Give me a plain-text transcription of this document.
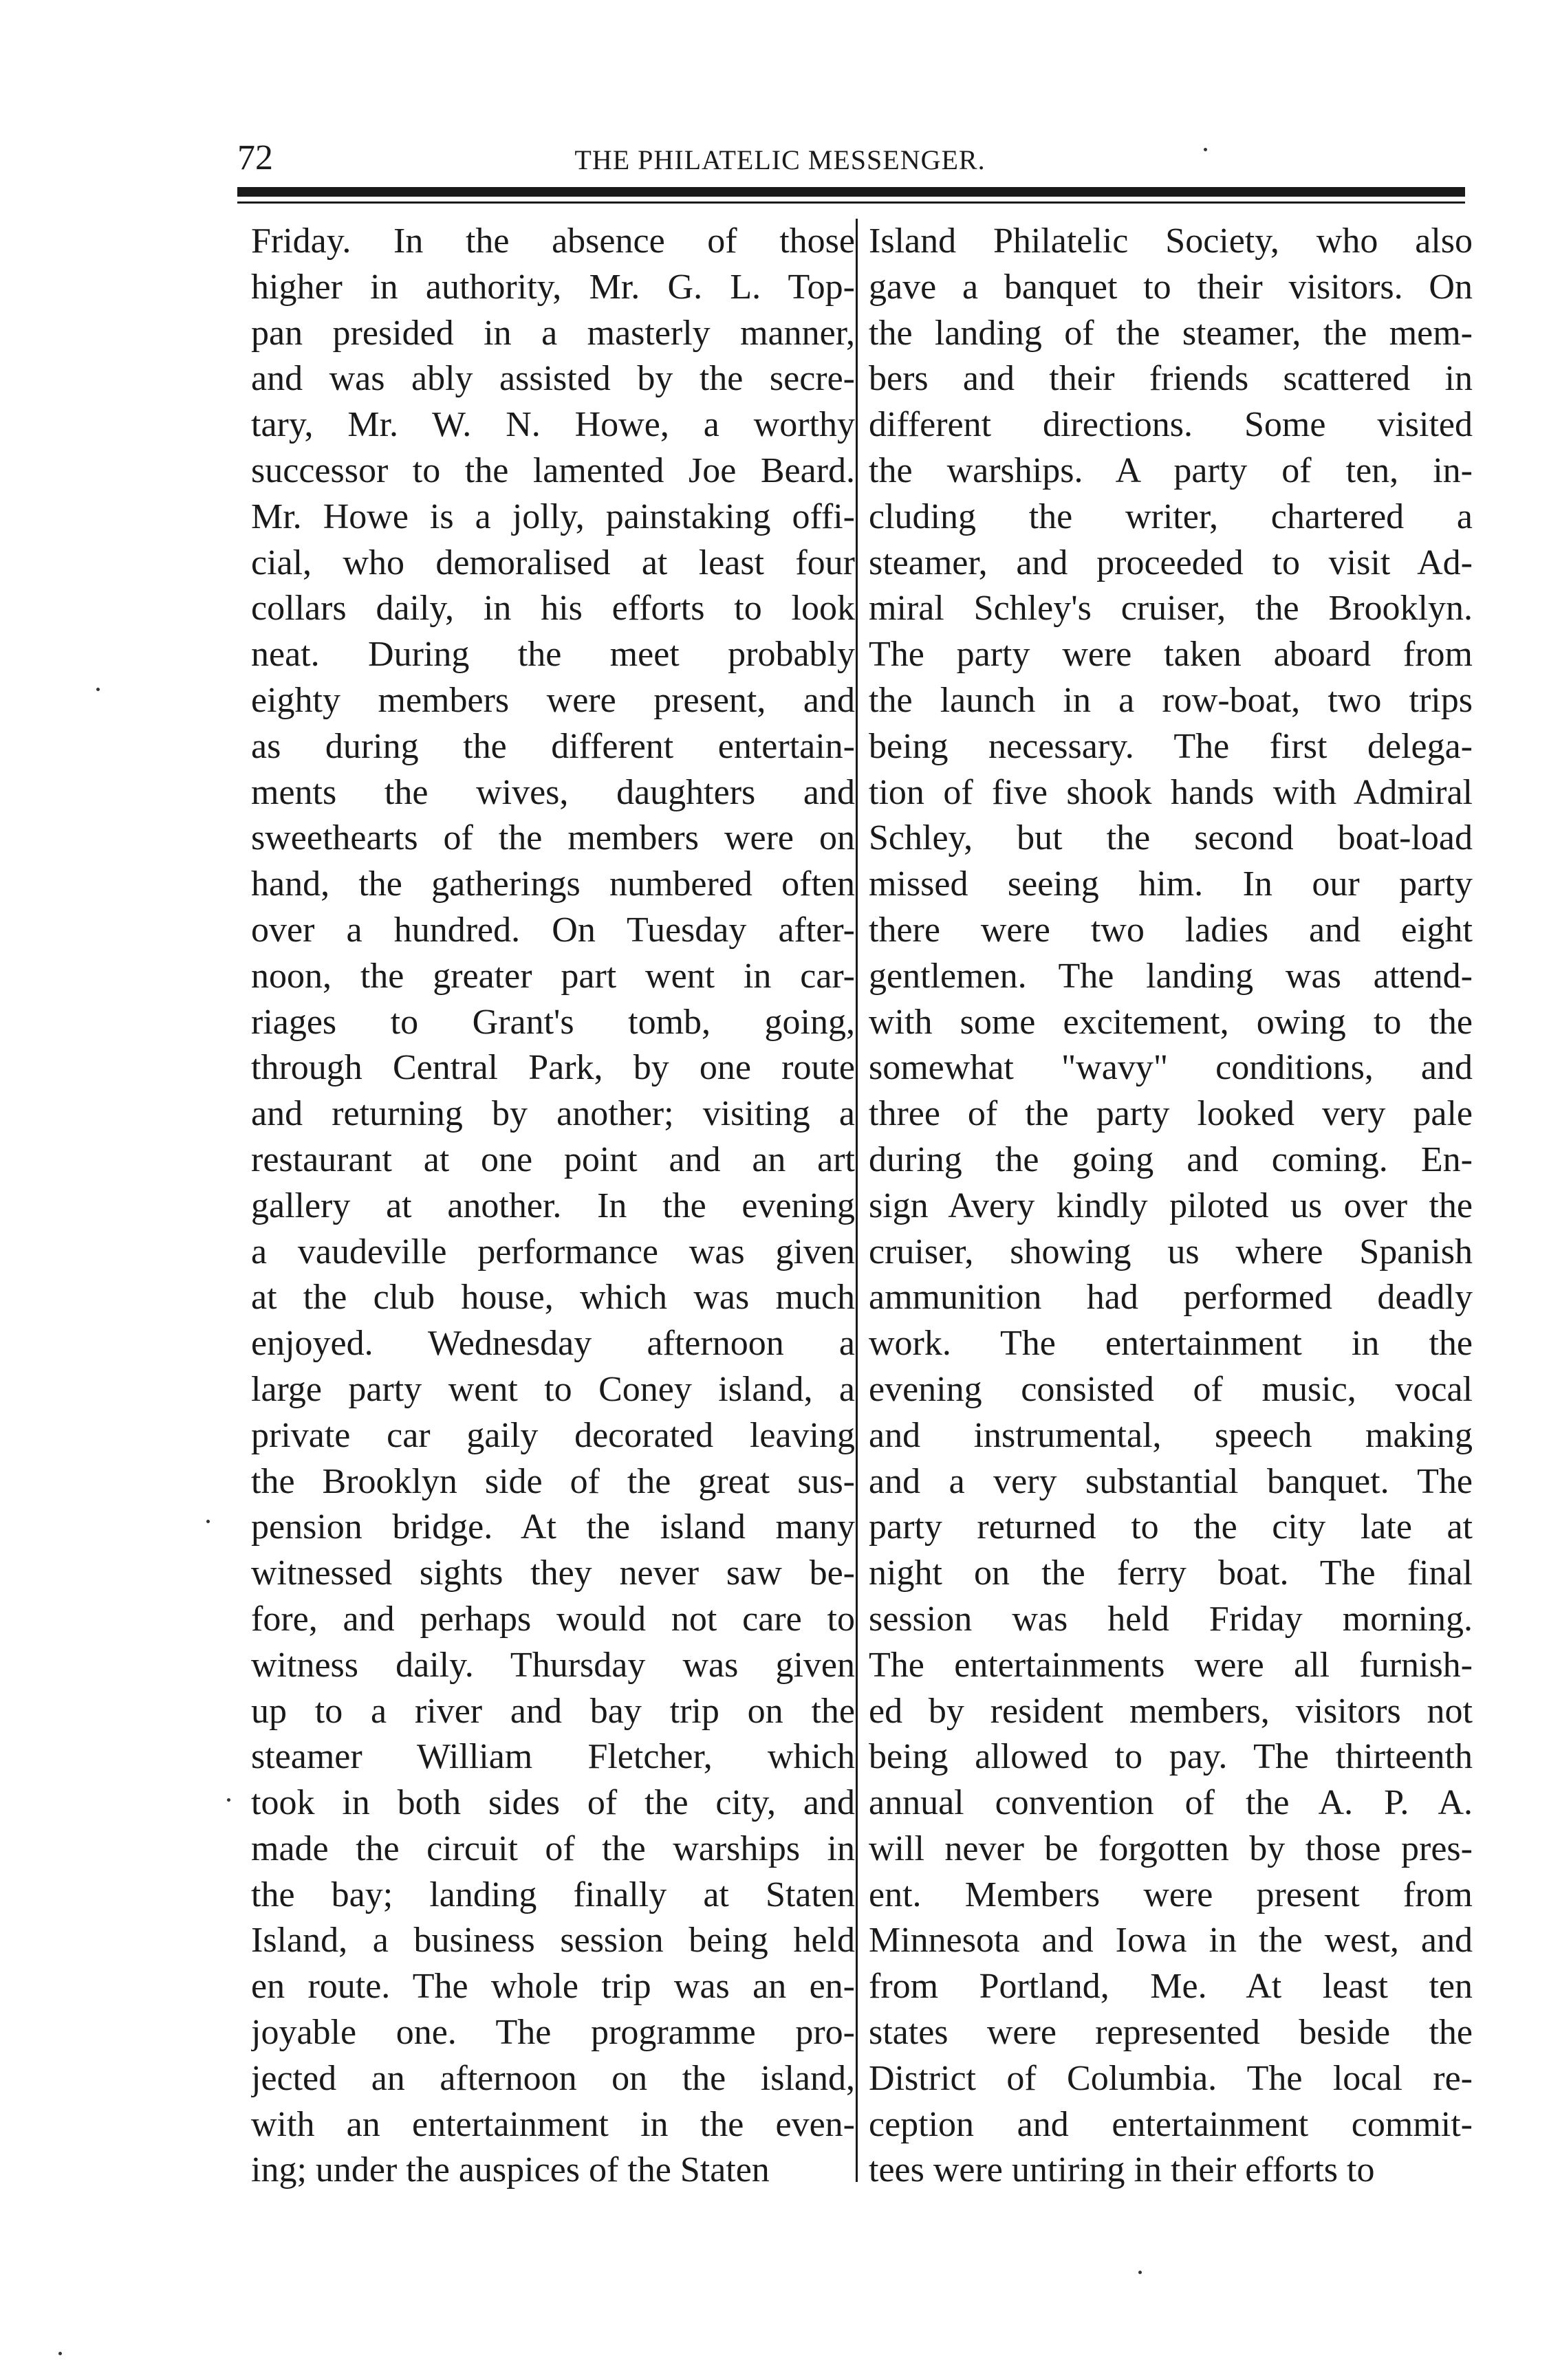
72	THE PHILATELIC MESSENGER.
Friday. In the absence of those
higher in authority, Mr. G. L. Top-
pan presided in a masterly manner,
and was ably assisted by the secre-
tary, Mr. W. N. Howe, a worthy
successor to the lamented Joe Beard.
Mr. Howe is a jolly, painstaking offi-
cial, who demoralised at least four
collars daily, in his efforts to look
neat. During the meet probably
eighty members were present, and
as during the different entertain-
ments the wives, daughters and
sweethearts of the members were on
hand, the gatherings numbered often
over a hundred. On Tuesday after-
noon, the greater part went in car-
riages to Grant's tomb, going,
through Central Park, by one route
and returning by another; visiting a
restaurant at one point and an art
gallery at another. In the evening
a vaudeville performance was given
at the club house, which was much
enjoyed. Wednesday afternoon a
large party went to Coney island, a
private car gaily decorated leaving
the Brooklyn side of the great sus-
pension bridge. At the island many
witnessed sights they never saw be-
fore, and perhaps would not care to
witness daily. Thursday was given
up to a river and bay trip on the
steamer William Fletcher, which
took in both sides of the city, and
made the circuit of the warships in
the bay; landing finally at Staten
Island, a business session being held
en route. The whole trip was an en-
joyable one. The programme pro-
jected an afternoon on the island,
with an entertainment in the even-
ing; under the auspices of the Staten
Island Philatelic Society, who also
gave a banquet to their visitors. On
the landing of the steamer, the mem-
bers and their friends scattered in
different directions. Some visited
the warships. A party of ten, in-
cluding the writer, chartered a
steamer, and proceeded to visit Ad-
miral Schley's cruiser, the Brooklyn.
The party were taken aboard from
the launch in a row-boat, two trips
being necessary. The first delega-
tion of five shook hands with Admiral
Schley, but the second boat-load
missed seeing him. In our party
there were two ladies and eight
gentlemen. The landing was attend-
with some excitement, owing to the
somewhat "wavy" conditions, and
three of the party looked very pale
during the going and coming. En-
sign Avery kindly piloted us over the
cruiser, showing us where Spanish
ammunition had performed deadly
work. The entertainment in the
evening consisted of music, vocal
and instrumental, speech making
and a very substantial banquet. The
party returned to the city late at
night on the ferry boat. The final
session was held Friday morning.
The entertainments were all furnish-
ed by resident members, visitors not
being allowed to pay. The thirteenth
annual convention of the A. P. A.
will never be forgotten by those pres-
ent. Members were present from
Minnesota and Iowa in the west, and
from Portland, Me. At least ten
states were represented beside the
District of Columbia. The local re-
ception and entertainment commit-
tees were untiring in their efforts to
